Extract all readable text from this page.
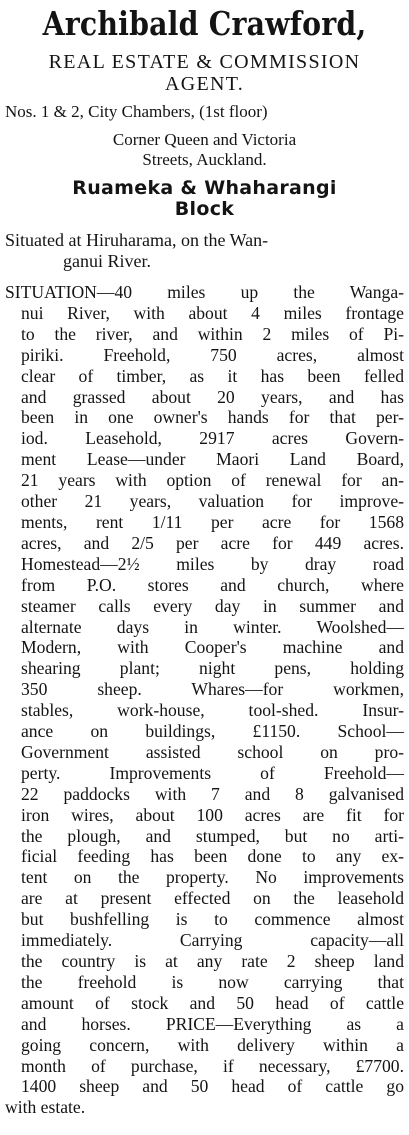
Archibald Crawford,

REAL ESTATE & COMMISSION

AGENT.

Nos. 1 & 2, City Chambers, (1st floor)

Corner Queen and Victoria

Streets, Auckland.

Ruameka & Whaharangi

Block

Situated at Hiruharama, on the Wan-
ganui River.
SITUATION—40 miles up the Wanga-
nui River, with about 4 miles frontage
to the river, and within 2 miles of Pi-
piriki. Freehold, 750 acres, almost
clear of timber, as it has been felled
and grassed about 20 years, and has
been in one owner's hands for that per-
iod. Leasehold, 2917 acres Govern-
ment Lease—under Maori Land Board,
21 years with option of renewal for an-
other 21 years, valuation for improve-
ments, rent 1/11 per acre for 1568
acres, and 2/5 per acre for 449 acres.
Homestead—2½ miles by dray road
from P.O. stores and church, where
steamer calls every day in summer and
alternate days in winter. Woolshed—
Modern, with Cooper's machine and
shearing plant; night pens, holding
350 sheep. Whares—for workmen,
stables, work-house, tool-shed. Insur-
ance on buildings, £1150. School—
Government assisted school on pro-
perty. Improvements of Freehold—
22 paddocks with 7 and 8 galvanised
iron wires, about 100 acres are fit for
the plough, and stumped, but no arti-
ficial feeding has been done to any ex-
tent on the property. No improvements
are at present effected on the leasehold
but bushfelling is to commence almost
immediately. Carrying capacity—all
the country is at any rate 2 sheep land
the freehold is now carrying that
amount of stock and 50 head of cattle
and horses. PRICE—Everything as a
going concern, with delivery within a
month of purchase, if necessary, £7700.
1400 sheep and 50 head of cattle go
with estate.
